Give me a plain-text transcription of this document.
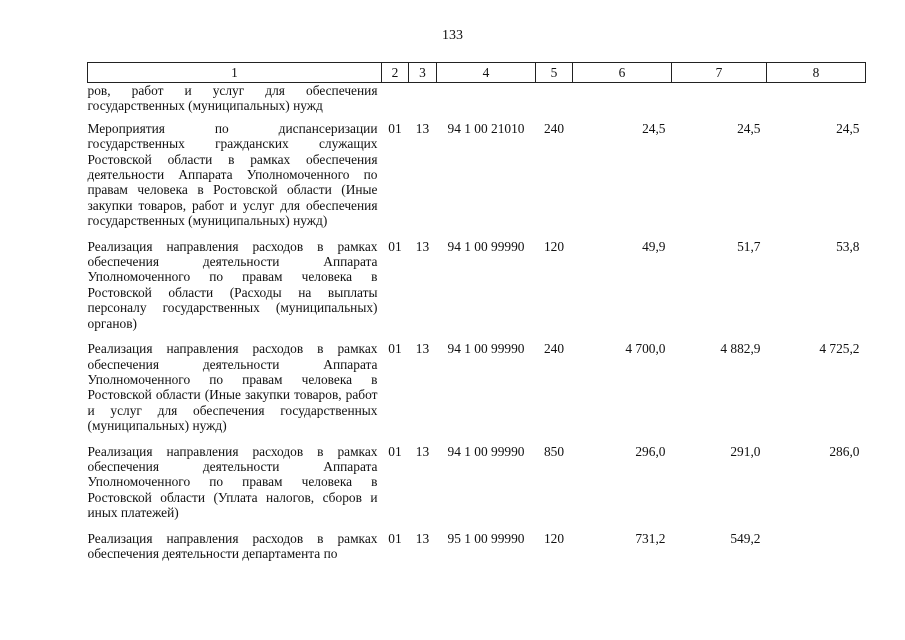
133
1	2	3	4	5	6	7	8
ров, работ и услуг для обеспечения государственных (муниципальных) нужд							
Мероприятия по диспансеризации государственных гражданских служащих Ростовской области в рамках обеспечения деятельности Аппарата Уполномоченного по правам человека в Ростовской области (Иные закупки товаров, работ и услуг для обеспечения государственных (муниципальных) нужд)	01	13	94 1 00 21010	240	24,5	24,5	24,5
Реализация направления расходов в рамках обеспечения деятельности Аппарата Уполномоченного по правам человека в Ростовской области (Расходы на выплаты персоналу государственных (муниципальных) органов)	01	13	94 1 00 99990	120	49,9	51,7	53,8
Реализация направления расходов в рамках обеспечения деятельности Аппарата Уполномоченного по правам человека в Ростовской области (Иные закупки товаров, работ и услуг для обеспечения государственных (муниципальных) нужд)	01	13	94 1 00 99990	240	4 700,0	4 882,9	4 725,2
Реализация направления расходов в рамках обеспечения деятельности Аппарата Уполномоченного по правам человека в Ростовской области (Уплата налогов, сборов и иных платежей)	01	13	94 1 00 99990	850	296,0	291,0	286,0
Реализация направления расходов в рамках обеспечения деятельности департамента по	01	13	95 1 00 99990	120	731,2	549,2	
